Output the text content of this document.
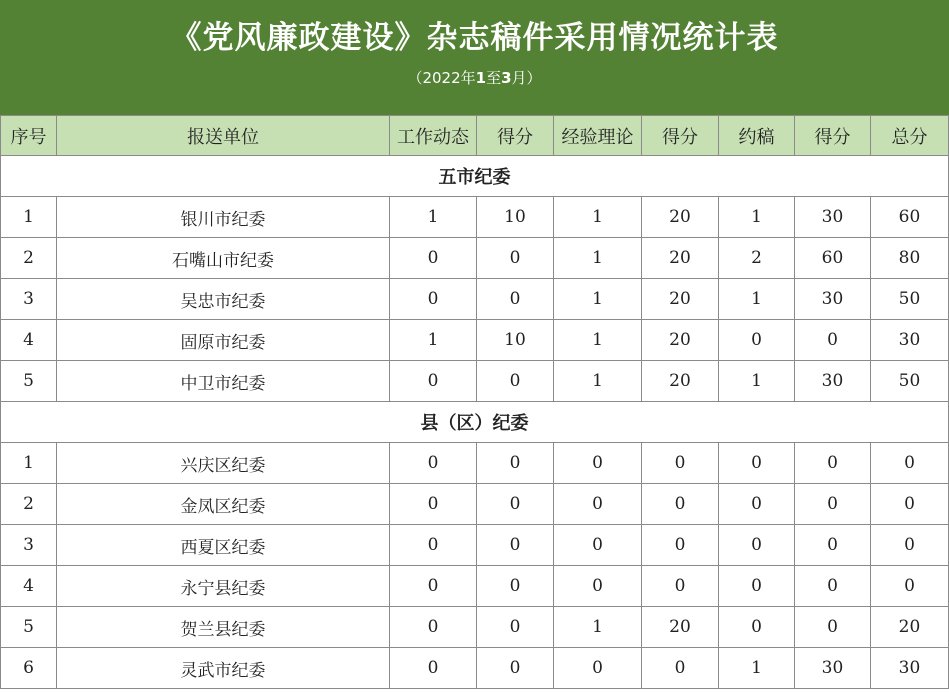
《党风廉政建设》杂志稿件采用情况统计表
（2022年1至3月）
序号	报送单位	工作动态	得分	经验理论	得分	约稿	得分	总分
五市纪委								
1	银川市纪委	1	10	1	20	1	30	60
2	石嘴山市纪委	0	0	1	20	2	60	80
3	吴忠市纪委	0	0	1	20	1	30	50
4	固原市纪委	1	10	1	20	0	0	30
5	中卫市纪委	0	0	1	20	1	30	50
县（区）纪委								
1	兴庆区纪委	0	0	0	0	0	0	0
2	金凤区纪委	0	0	0	0	0	0	0
3	西夏区纪委	0	0	0	0	0	0	0
4	永宁县纪委	0	0	0	0	0	0	0
5	贺兰县纪委	0	0	1	20	0	0	20
6	灵武市纪委	0	0	0	0	1	30	30
